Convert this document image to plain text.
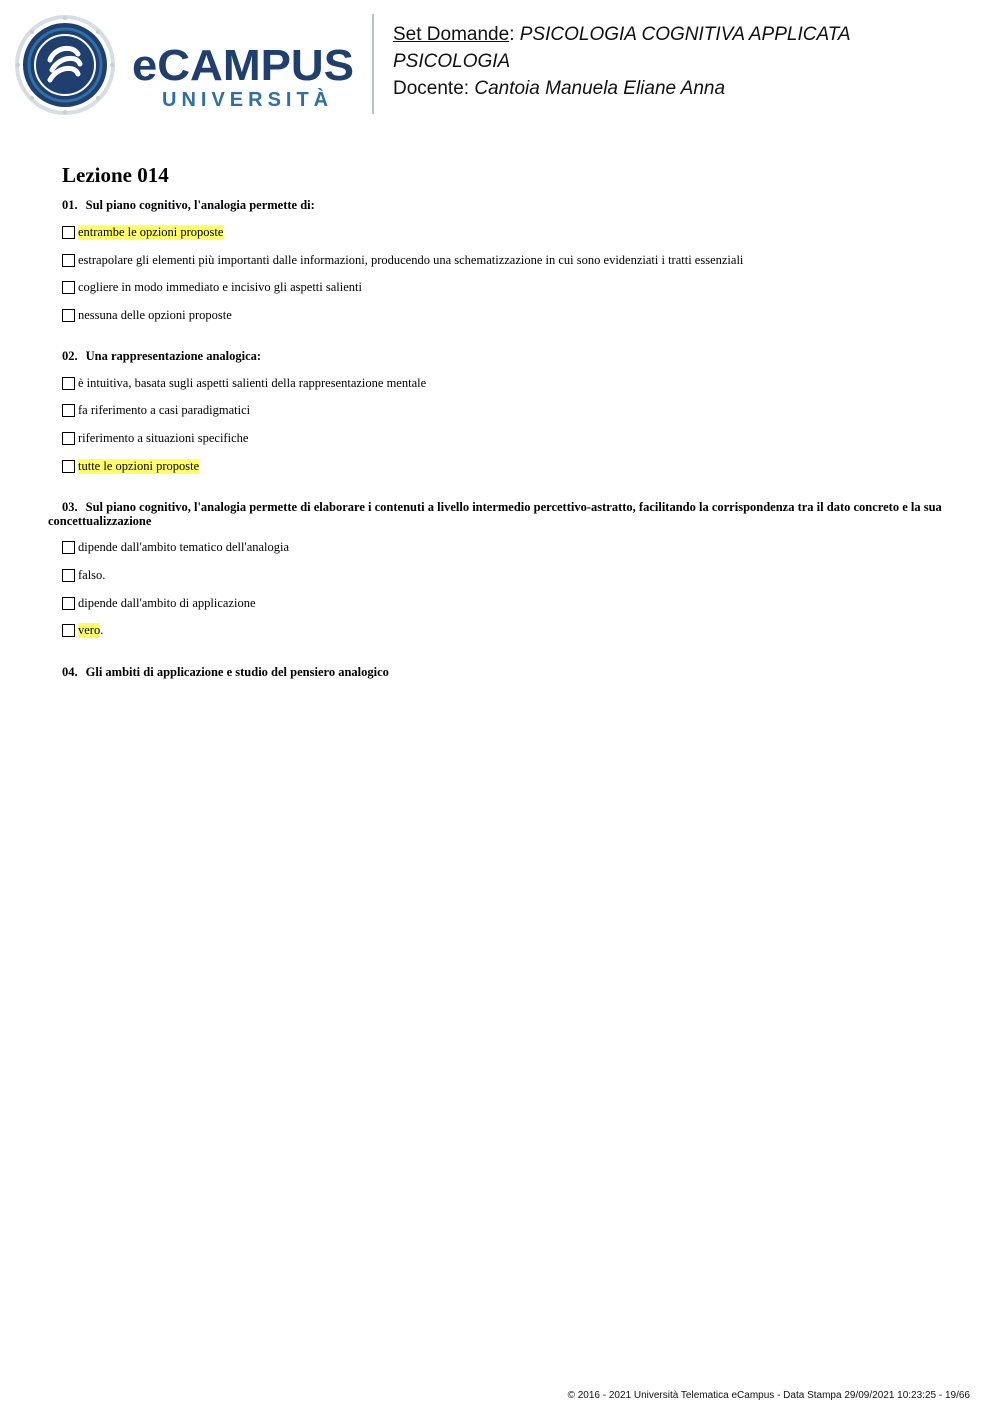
eCAMPUS
UNIVERSITÀ
Set Domande: PSICOLOGIA COGNITIVA APPLICATA
PSICOLOGIA
Docente: Cantoia Manuela Eliane Anna
Lezione 014

01. Sul piano cognitivo, l'analogia permette di:

entrambe le opzioni proposte
estrapolare gli elementi più importanti dalle informazioni, producendo una schematizzazione in cui sono evidenziati i tratti essenziali
cogliere in modo immediato e incisivo gli aspetti salienti
nessuna delle opzioni proposte

02. Una rappresentazione analogica:

è intuitiva, basata sugli aspetti salienti della rappresentazione mentale
fa riferimento a casi paradigmatici
riferimento a situazioni specifiche
tutte le opzioni proposte

03. Sul piano cognitivo, l'analogia permette di elaborare i contenuti a livello intermedio percettivo-astratto, facilitando la corrispondenza tra il dato concreto e la sua concettualizzazione

dipende dall'ambito tematico dell'analogia
falso.
dipende dall'ambito di applicazione
vero .

04. Gli ambiti di applicazione e studio del pensiero analogico

© 2016 - 2021 Università Telematica eCampus - Data Stampa 29/09/2021 10:23:25 - 19/66
